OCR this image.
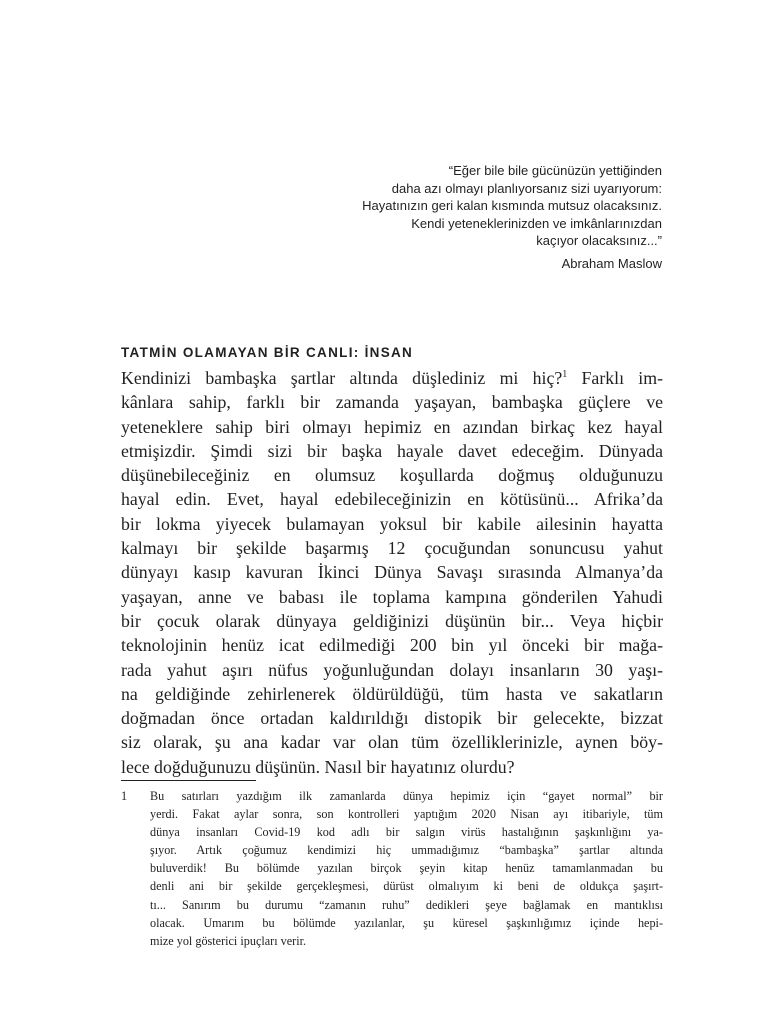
“Eğer bile bile gücünüzün yettiğinden
daha azı olmayı planlıyorsanız sizi uyarıyorum:
Hayatınızın geri kalan kısmında mutsuz olacaksınız.
Kendi yeteneklerinizden ve imkânlarınızdan
kaçıyor olacaksınız...”
Abraham Maslow
TATMİN OLAMAYAN BİR CANLI: İNSAN
Kendinizi bambaşka şartlar altında düşlediniz mi hiç?$^1$ Farklı im-
kânlara sahip, farklı bir zamanda yaşayan, bambaşka güçlere ve
yeteneklere sahip biri olmayı hepimiz en azından birkaç kez hayal
etmişizdir. Şimdi sizi bir başka hayale davet edeceğim. Dünyada
düşünebileceğiniz en olumsuz koşullarda doğmuş olduğunuzu
hayal edin. Evet, hayal edebileceğinizin en kötüsünü... Afrika’da
bir lokma yiyecek bulamayan yoksul bir kabile ailesinin hayatta
kalmayı bir şekilde başarmış 12 çocuğundan sonuncusu yahut
dünyayı kasıp kavuran İkinci Dünya Savaşı sırasında Almanya’da
yaşayan, anne ve babası ile toplama kampına gönderilen Yahudi
bir çocuk olarak dünyaya geldiğinizi düşünün bir... Veya hiçbir
teknolojinin henüz icat edilmediği 200 bin yıl önceki bir mağa-
rada yahut aşırı nüfus yoğunluğundan dolayı insanların 30 yaşı-
na geldiğinde zehirlenerek öldürüldüğü, tüm hasta ve sakatların
doğmadan önce ortadan kaldırıldığı distopik bir gelecekte, bizzat
siz olarak, şu ana kadar var olan tüm özelliklerinizle, aynen böy-
lece doğduğunuzu düşünün. Nasıl bir hayatınız olurdu?
1 Bu satırları yazdığım ilk zamanlarda dünya hepimiz için “gayet normal” bir
yerdi. Fakat aylar sonra, son kontrolleri yaptığım 2020 Nisan ayı itibariyle, tüm
dünya insanları Covid-19 kod adlı bir salgın virüs hastalığının şaşkınlığını ya-
şıyor. Artık çoğumuz kendimizi hiç ummadığımız “bambaşka” şartlar altında
buluverdik! Bu bölümde yazılan birçok şeyin kitap henüz tamamlanmadan bu
denli ani bir şekilde gerçekleşmesi, dürüst olmalıyım ki beni de oldukça şaşırt-
tı... Sanırım bu durumu “zamanın ruhu” dedikleri şeye bağlamak en mantıklısı
olacak. Umarım bu bölümde yazılanlar, şu küresel şaşkınlığımız içinde hepi-
mize yol gösterici ipuçları verir.
